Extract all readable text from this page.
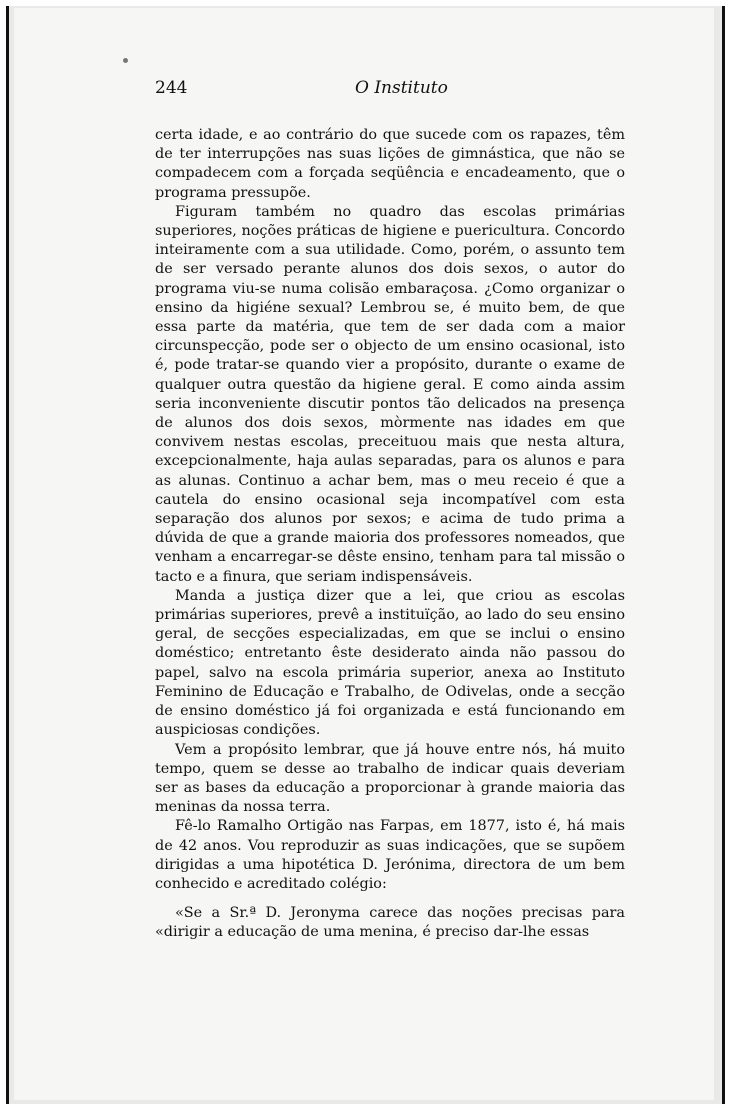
244	O Instituto

certa idade, e ao contrário do que sucede com os rapazes, têm de ter interrupções nas suas lições de gimnástica, que não se compadecem com a forçada seqüência e encadeamento, que o programa pressupõe.

Figuram também no quadro das escolas primárias superiores, noções práticas de higiene e puericultura. Concordo inteiramente com a sua utilidade. Como, porém, o assunto tem de ser versado perante alunos dos dois sexos, o autor do programa viu-se numa colisão embaraçosa. ¿Como organizar o ensino da higiéne sexual? Lembrou se, é muito bem, de que essa parte da matéria, que tem de ser dada com a maior circunspecção, pode ser o objecto de um ensino ocasional, isto é, pode tratar-se quando vier a propósito, durante o exame de qualquer outra questão da higiene geral. E como ainda assim seria inconveniente discutir pontos tão delicados na presença de alunos dos dois sexos, mòrmente nas idades em que convivem nestas escolas, preceituou mais que nesta altura, excepcionalmente, haja aulas separadas, para os alunos e para as alunas. Continuo a achar bem, mas o meu receio é que a cautela do ensino ocasional seja incompatível com esta separação dos alunos por sexos; e acima de tudo prima a dúvida de que a grande maioria dos professores nomeados, que venham a encarregar-se dêste ensino, tenham para tal missão o tacto e a finura, que seriam indispensáveis.

Manda a justiça dizer que a lei, que criou as escolas primárias superiores, prevê a instituïção, ao lado do seu ensino geral, de secções especializadas, em que se inclui o ensino doméstico; entretanto êste desiderato ainda não passou do papel, salvo na escola primária superior, anexa ao Instituto Feminino de Educação e Trabalho, de Odivelas, onde a secção de ensino doméstico já foi organizada e está funcionando em auspiciosas condições.

Vem a propósito lembrar, que já houve entre nós, há muito tempo, quem se desse ao trabalho de indicar quais deveriam ser as bases da educação a proporcionar à grande maioria das meninas da nossa terra.

Fê-lo Ramalho Ortigão nas Farpas, em 1877, isto é, há mais de 42 anos. Vou reproduzir as suas indicações, que se supõem dirigidas a uma hipotética D. Jerónima, directora de um bem conhecido e acreditado colégio:

«Se a Sr.ª D. Jeronyma carece das noções precisas para «dirigir a educação de uma menina, é preciso dar-lhe essas
